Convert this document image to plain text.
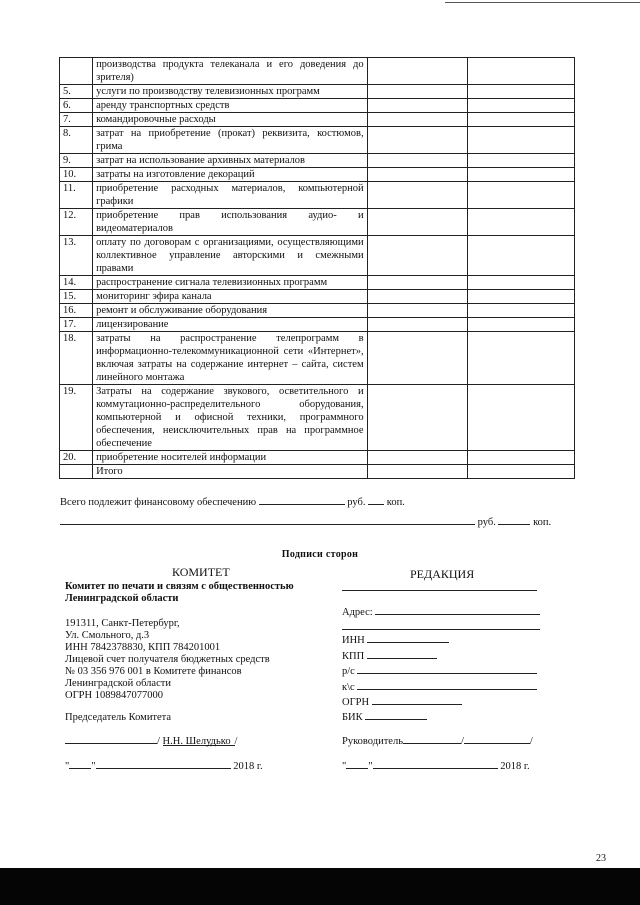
	производства продукта телеканала и его доведения до зрителя)		
5.	услуги по производству телевизионных программ		
6.	аренду транспортных средств		
7.	командировочные расходы		
8.	затрат на приобретение (прокат) реквизита, костюмов, грима		
9.	затрат на использование архивных материалов		
10.	затраты на изготовление декораций		
11.	приобретение расходных материалов, компьютерной графики		
12.	приобретение прав использования аудио- и видеоматериалов		
13.	оплату по договорам с организациями, осуществляющими коллективное управление авторскими и смежными правами		
14.	распространение сигнала телевизионных программ		
15.	мониторинг эфира канала		
16.	ремонт и обслуживание оборудования		
17.	лицензирование		
18.	затраты на распространение телепрограмм в информационно-телекоммуникационной сети «Интернет», включая затраты на содержание интернет – сайта, систем линейного монтажа		
19.	Затраты на содержание звукового, осветительного и коммутационно-распределительного оборудования, компьютерной и офисной техники, программного обеспечения, неисключительных прав на программное обеспечение		
20.	приобретение носителей информации		
	Итого		
Всего подлежит финансовому обеспечению	руб. коп.
руб.	коп.
Подписи сторон
КОМИТЕТ	РЕДАКЦИЯ
Комитет по печати и связям с общественностью
Ленинградской области
191311, Санкт-Петербург,
Ул. Смольного, д.3
ИНН 7842378830, КПП 784201001
Лицевой счет получателя бюджетных средств
№ 03 356 976 001 в Комитете финансов
Ленинградской области
ОГРН 1089847077000
Председатель Комитета
/ Н.Н. Шелудько /
" "	2018 г.
Адрес:
ИНН
КПП
р/с
к\с
ОГРН
БИК
Руководитель	/	/
" "	2018 г.
23
